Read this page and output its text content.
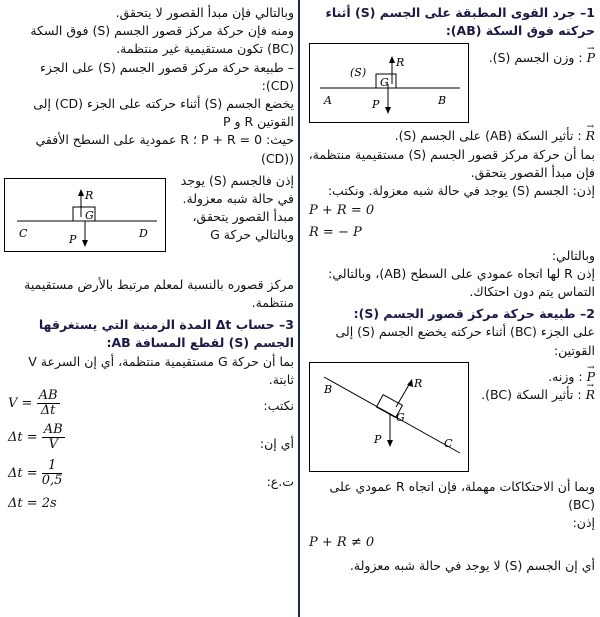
1– جرد القوى المطبقة على الجسم (S) أثناء حركته فوق السكة (AB):

→ P : وزن الجسم (S).

G
(S)
R
P
A	B

→ R : تأثير السكة (AB) على الجسم (S).

بما أن حركة مركز قصور الجسم (S) مستقيمية منتظمة، فإن مبدأ القصور يتحقق.

إذن: الجسم (S) يوجد في حالة شبه معزولة. ونكتب:

P + R = 0

R = − P

وبالتالي:

إذن R لها اتجاه عمودي على السطح (AB)، وبالتالي: التماس يتم دون احتكاك.

2– طبيعة حركة مركز قصور الجسم (S):

على الجزء (BC) أثناء حركته يخضع الجسم (S) إلى القوتين:

→ P : وزنه.

→ R : تأثير السكة (BC).

G
R
P
B
C

وبما أن الاحتكاكات مهملة، فإن اتجاه R عمودي على (BC)

إذن:

P + R ≠ 0

أي إن الجسم (S) لا يوجد في حالة شبه معزولة.

وبالتالي فإن مبدأ القصور لا يتحقق.

ومنه فإن حركة مركز قصور الجسم (S) فوق السكة (BC) تكون مستقيمية غير منتظمة.

– طبيعة حركة مركز قصور الجسم (S) على الجزء (CD):

يخضع الجسم (S) أثناء حركته على الجزء (CD) إلى القوتين R و P

حيث: P + R = 0 ؛ R عمودية على السطح الأفقي ((CD)

إذن فالجسم (S) يوجد في حالة شبه معزولة.

مبدأ القصور يتحقق، وبالتالي حركة G

G
R
P
C	D

مركز قصوره بالنسبة لمعلم مرتبط بالأرض مستقيمية منتظمة.

3– حساب Δt المدة الزمنية التي يستغرقها الجسم (S) لقطع المسافة AB:

بما أن حركة G مستقيمية منتظمة، أي إن السرعة V ثابتة.

نكتب:

أي إن:

ت.ع:

$V = \frac{AB}{\Delta t}$
$\Delta t = \frac{AB}{V}$
$\Delta t = \frac{1}{0,5}$
Δt = 2s
